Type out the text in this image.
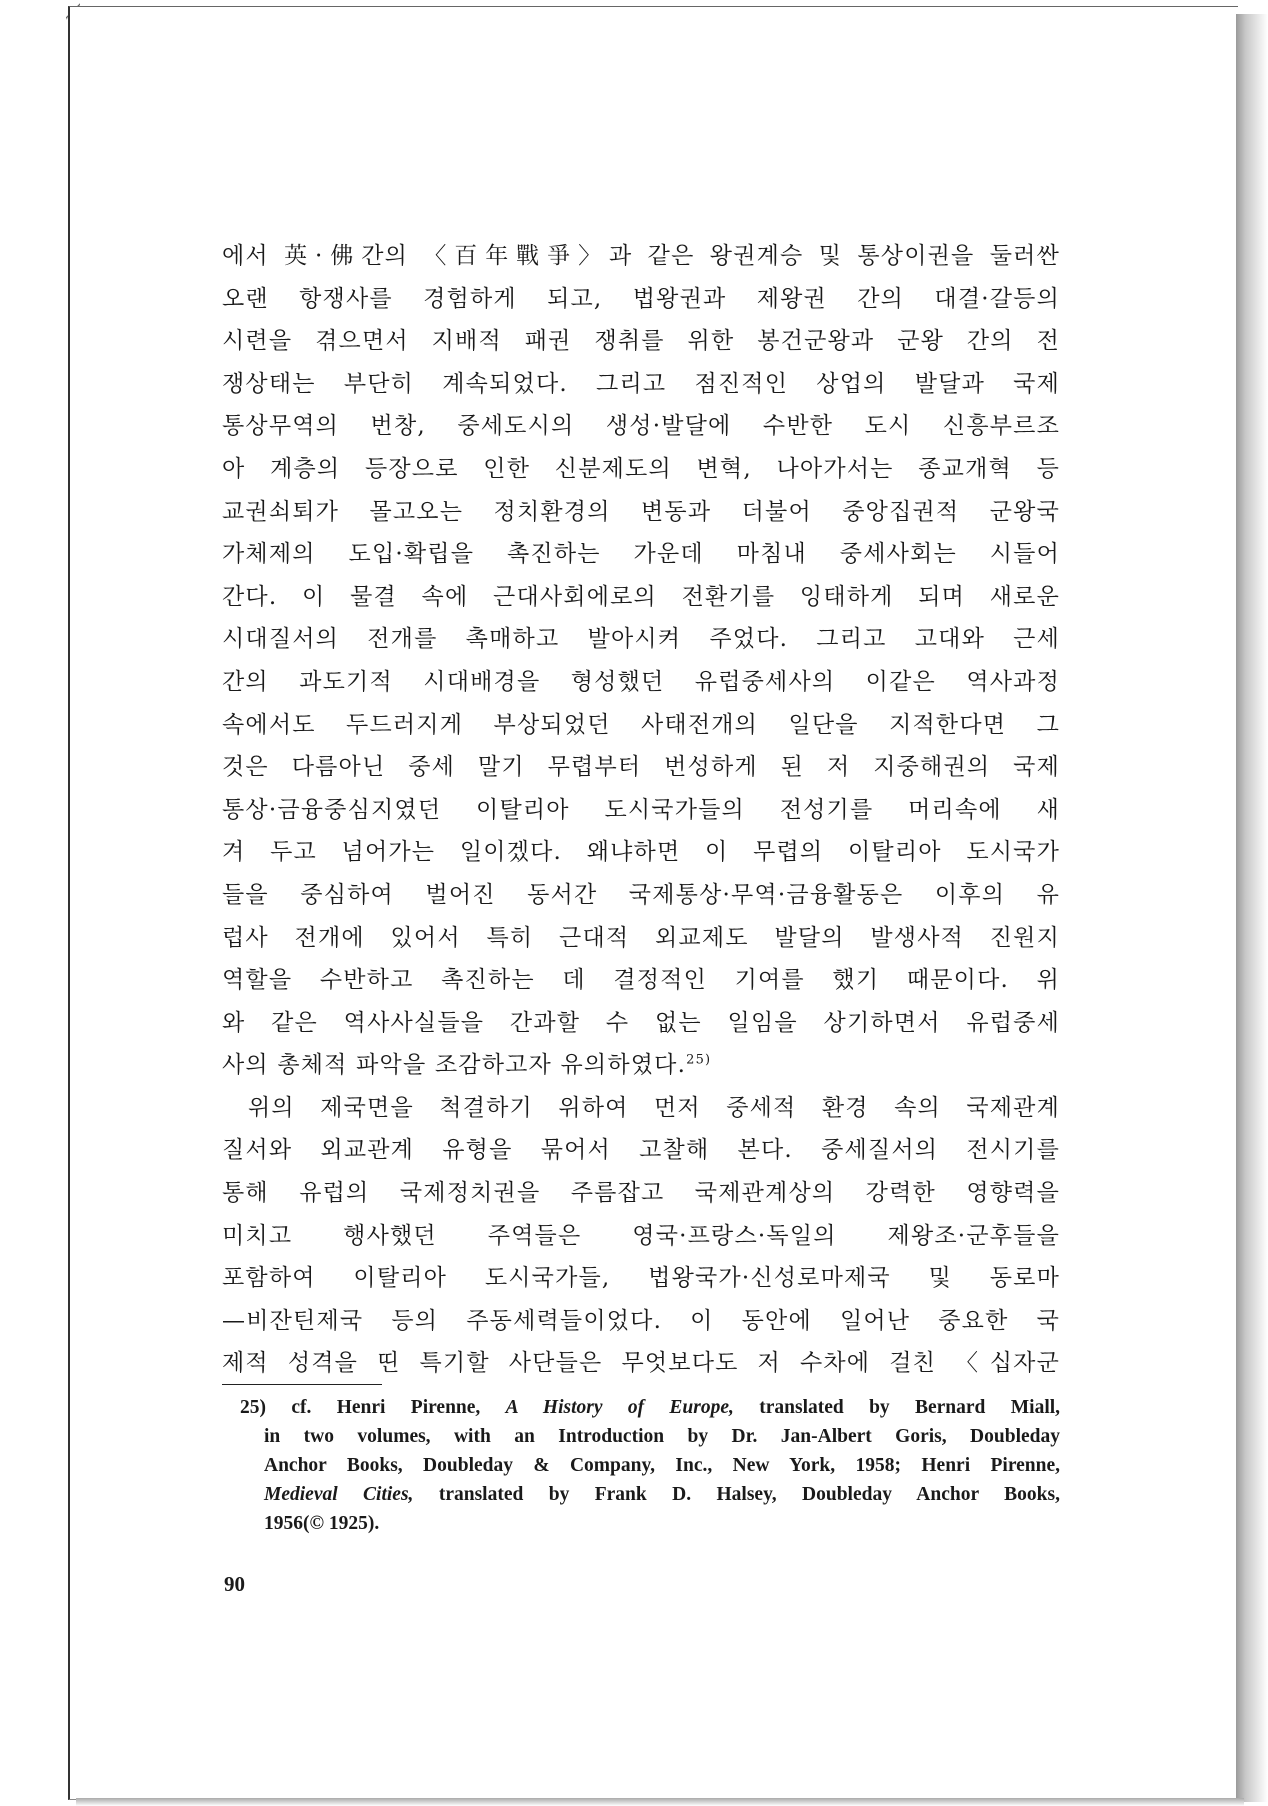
에서 英·佛간의 〈百年戰爭〉과 같은 왕권계승 및 통상이권을 둘러싼
오랜 항쟁사를 경험하게 되고, 법왕권과 제왕권 간의 대결·갈등의
시련을 겪으면서 지배적 패권 쟁취를 위한 봉건군왕과 군왕 간의 전
쟁상태는 부단히 계속되었다. 그리고 점진적인 상업의 발달과 국제
통상무역의 번창, 중세도시의 생성·발달에 수반한 도시 신흥부르조
아 계층의 등장으로 인한 신분제도의 변혁, 나아가서는 종교개혁 등
교권쇠퇴가 몰고오는 정치환경의 변동과 더불어 중앙집권적 군왕국
가체제의 도입·확립을 촉진하는 가운데 마침내 중세사회는 시들어
간다. 이 물결 속에 근대사회에로의 전환기를 잉태하게 되며 새로운
시대질서의 전개를 촉매하고 발아시켜 주었다. 그리고 고대와 근세
간의 과도기적 시대배경을 형성했던 유럽중세사의 이같은 역사과정
속에서도 두드러지게 부상되었던 사태전개의 일단을 지적한다면 그
것은 다름아닌 중세 말기 무렵부터 번성하게 된 저 지중해권의 국제
통상·금융중심지였던 이탈리아 도시국가들의 전성기를 머리속에 새
겨 두고 넘어가는 일이겠다. 왜냐하면 이 무렵의 이탈리아 도시국가
들을 중심하여 벌어진 동서간 국제통상·무역·금융활동은 이후의 유
럽사 전개에 있어서 특히 근대적 외교제도 발달의 발생사적 진원지
역할을 수반하고 촉진하는 데 결정적인 기여를 했기 때문이다. 위
와 같은 역사사실들을 간과할 수 없는 일임을 상기하면서 유럽중세
사의 총체적 파악을 조감하고자 유의하였다.$^{25)}$
위의 제국면을 척결하기 위하여 먼저 중세적 환경 속의 국제관계
질서와 외교관계 유형을 묶어서 고찰해 본다. 중세질서의 전시기를
통해 유럽의 국제정치권을 주름잡고 국제관계상의 강력한 영향력을
미치고 행사했던 주역들은 영국·프랑스·독일의 제왕조·군후들을
포함하여 이탈리아 도시국가들, 법왕국가·신성로마제국 및 동로마
—비잔틴제국 등의 주동세력들이었다. 이 동안에 일어난 중요한 국
제적 성격을 띤 특기할 사단들은 무엇보다도 저 수차에 걸친 〈십자군
25) cf. Henri Pirenne, A History of Europe, translated by Bernard Miall,
in two volumes, with an Introduction by Dr. Jan-Albert Goris, Doubleday
Anchor Books, Doubleday & Company, Inc., New York, 1958; Henri Pirenne,
Medieval Cities, translated by Frank D. Halsey, Doubleday Anchor Books,
1956(© 1925).
90
